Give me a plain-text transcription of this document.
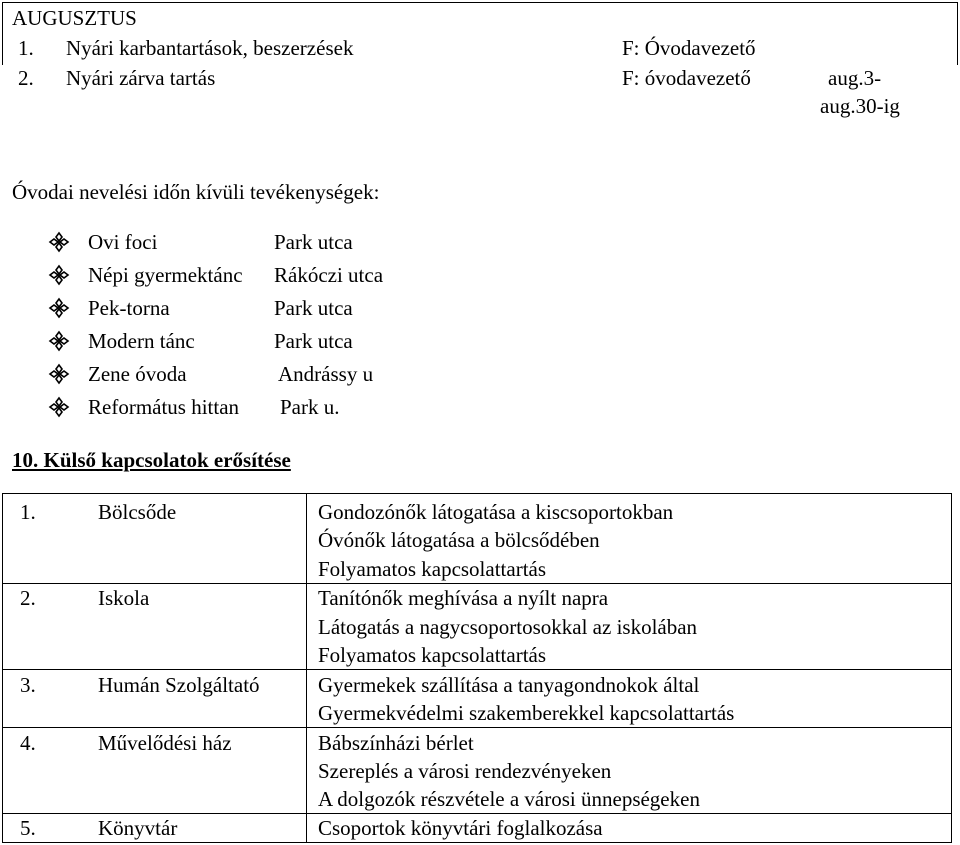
AUGUSZTUS
1. Nyári karbantartások, beszerzések	F: Óvodavezető
2. Nyári zárva tartás	F: óvodavezető	aug.3-
aug.30-ig
Óvodai nevelési időn kívüli tevékenységek:
Ovi foci	Park utca
Népi gyermektánc Rákóczi utca
Pek-torna	Park utca
Modern tánc	Park utca
Zene óvoda	Andrássy u
Református hittan Park u.
10. Külső kapcsolatok erősítése
1.	Bölcsőde	Gondozónők látogatása a kiscsoportokban
Óvónők látogatása a bölcsődében
Folyamatos kapcsolattartás
2.	Iskola	Tanítónők meghívása a nyílt napra
Látogatás a nagycsoportosokkal az iskolában
Folyamatos kapcsolattartás
3.	Humán Szolgáltató	Gyermekek szállítása a tanyagondnokok által
Gyermekvédelmi szakemberekkel kapcsolattartás
4.	Művelődési ház	Bábszínházi bérlet
Szereplés a városi rendezvényeken
A dolgozók részvétele a városi ünnepségeken
5.	Könyvtár	Csoportok könyvtári foglalkozása
